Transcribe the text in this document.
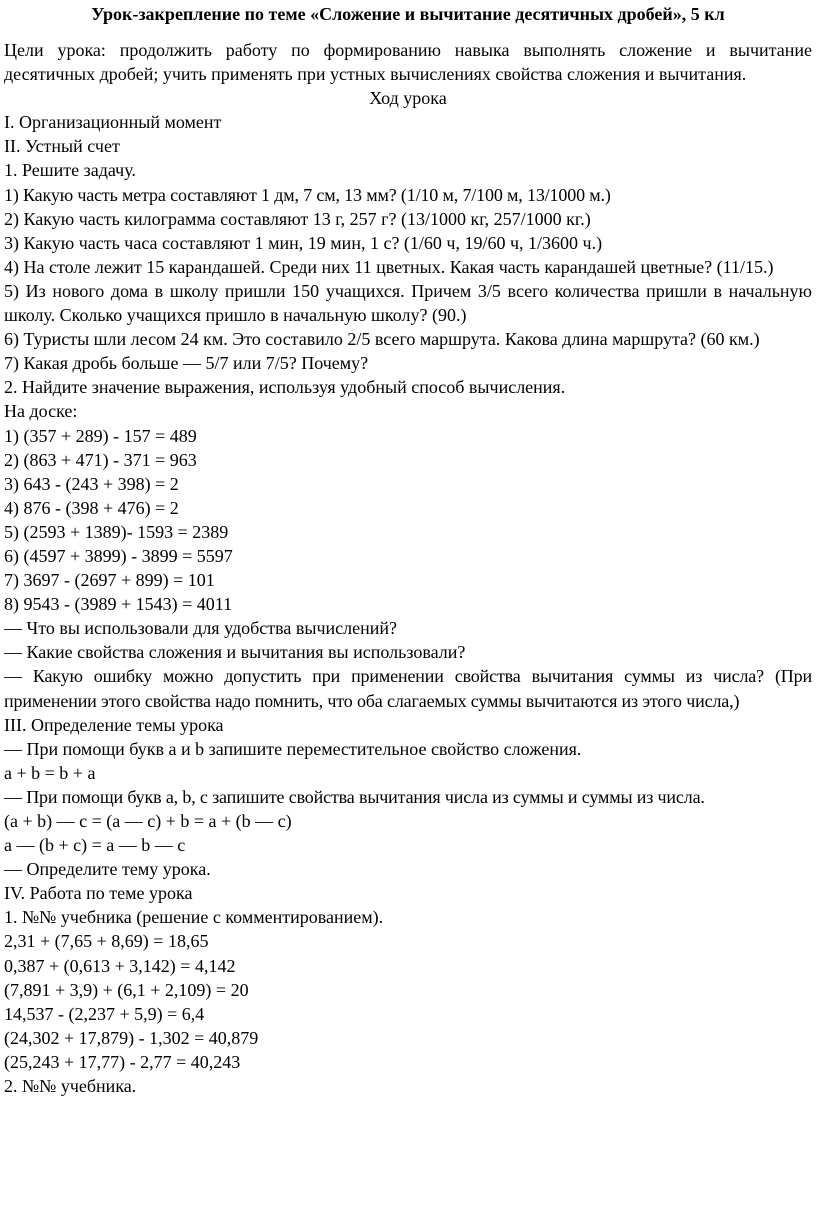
Урок-закрепление по теме «Сложение и вычитание десятичных дробей», 5 кл

Цели урока: продолжить работу по формированию навыка выполнять сложение и вычитание десятичных дробей; учить применять при устных вычислениях свойства сложения и вычитания.

Ход урока

I. Организационный момент

II. Устный счет

1. Решите задачу.

1) Какую часть метра составляют 1 дм, 7 см, 13 мм? (1/10 м, 7/100 м, 13/1000 м.)

2) Какую часть килограмма составляют 13 г, 257 г? (13/1000 кг, 257/1000 кг.)

3) Какую часть часа составляют 1 мин, 19 мин, 1 с? (1/60 ч, 19/60 ч, 1/3600 ч.)

4) На столе лежит 15 карандашей. Среди них 11 цветных. Какая часть карандашей цветные? (11/15.)

5) Из нового дома в школу пришли 150 учащихся. Причем 3/5 всего количества пришли в начальную школу. Сколько учащихся пришло в начальную школу? (90.)

6) Туристы шли лесом 24 км. Это составило 2/5 всего маршрута. Какова длина маршрута? (60 км.)

7) Какая дробь больше — 5/7 или 7/5? Почему?

2. Найдите значение выражения, используя удобный способ вычисления.

На доске:

1) (357 + 289) - 157 = 489

2) (863 + 471) - 371 = 963

3) 643 - (243 + 398) = 2

4) 876 - (398 + 476) = 2

5) (2593 + 1389)- 1593 = 2389

6) (4597 + 3899) - 3899 = 5597

7) 3697 - (2697 + 899) = 101

8) 9543 - (3989 + 1543) = 4011

— Что вы использовали для удобства вычислений?

— Какие свойства сложения и вычитания вы использовали?

— Какую ошибку можно допустить при применении свойства вычитания суммы из числа? (При применении этого свойства надо помнить, что оба слагаемых суммы вычитаются из этого числа,)

III. Определение темы урока

— При помощи букв а и b запишите переместительное свойство сложения.

a + b = b + a

— При помощи букв a, b, c запишите свойства вычитания числа из суммы и суммы из числа.

(a + b) — c = (a — c) + b = a + (b — c)

a — (b + c) = a — b — c

— Определите тему урока.

IV. Работа по теме урока

1. №№ учебника (решение с комментированием).

2,31 + (7,65 + 8,69) = 18,65

0,387 + (0,613 + 3,142) = 4,142

(7,891 + 3,9) + (6,1 + 2,109) = 20

14,537 - (2,237 + 5,9) = 6,4

(24,302 + 17,879) - 1,302 = 40,879

(25,243 + 17,77) - 2,77 = 40,243

2. №№ учебника.
